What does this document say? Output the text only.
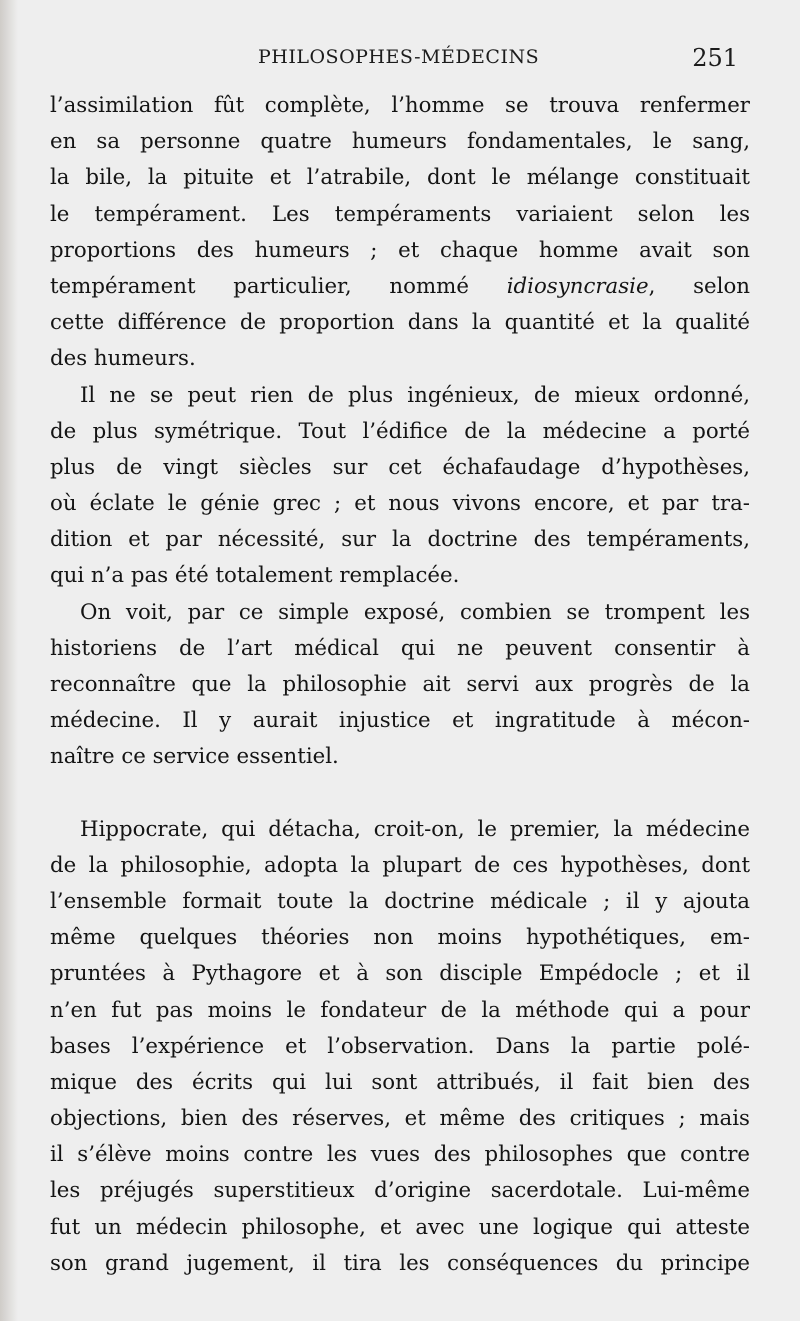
PHILOSOPHES-MÉDECINS	251
l’assimilation fût complète, l’homme se trouva renfermer
en sa personne quatre humeurs fondamentales, le sang,
la bile, la pituite et l’atrabile, dont le mélange constituait
le tempérament. Les tempéraments variaient selon les
proportions des humeurs ; et chaque homme avait son
tempérament particulier, nommé idiosyncrasie, selon
cette différence de proportion dans la quantité et la qualité
des humeurs.
Il ne se peut rien de plus ingénieux, de mieux ordonné,
de plus symétrique. Tout l’édifice de la médecine a porté
plus de vingt siècles sur cet échafaudage d’hypothèses,
où éclate le génie grec ; et nous vivons encore, et par tra-
dition et par nécessité, sur la doctrine des tempéraments,
qui n’a pas été totalement remplacée.
On voit, par ce simple exposé, combien se trompent les
historiens de l’art médical qui ne peuvent consentir à
reconnaître que la philosophie ait servi aux progrès de la
médecine. Il y aurait injustice et ingratitude à mécon-
naître ce service essentiel.
Hippocrate, qui détacha, croit-on, le premier, la médecine
de la philosophie, adopta la plupart de ces hypothèses, dont
l’ensemble formait toute la doctrine médicale ; il y ajouta
même quelques théories non moins hypothétiques, em-
pruntées à Pythagore et à son disciple Empédocle ; et il
n’en fut pas moins le fondateur de la méthode qui a pour
bases l’expérience et l’observation. Dans la partie polé-
mique des écrits qui lui sont attribués, il fait bien des
objections, bien des réserves, et même des critiques ; mais
il s’élève moins contre les vues des philosophes que contre
les préjugés superstitieux d’origine sacerdotale. Lui-même
fut un médecin philosophe, et avec une logique qui atteste
son grand jugement, il tira les conséquences du principe
